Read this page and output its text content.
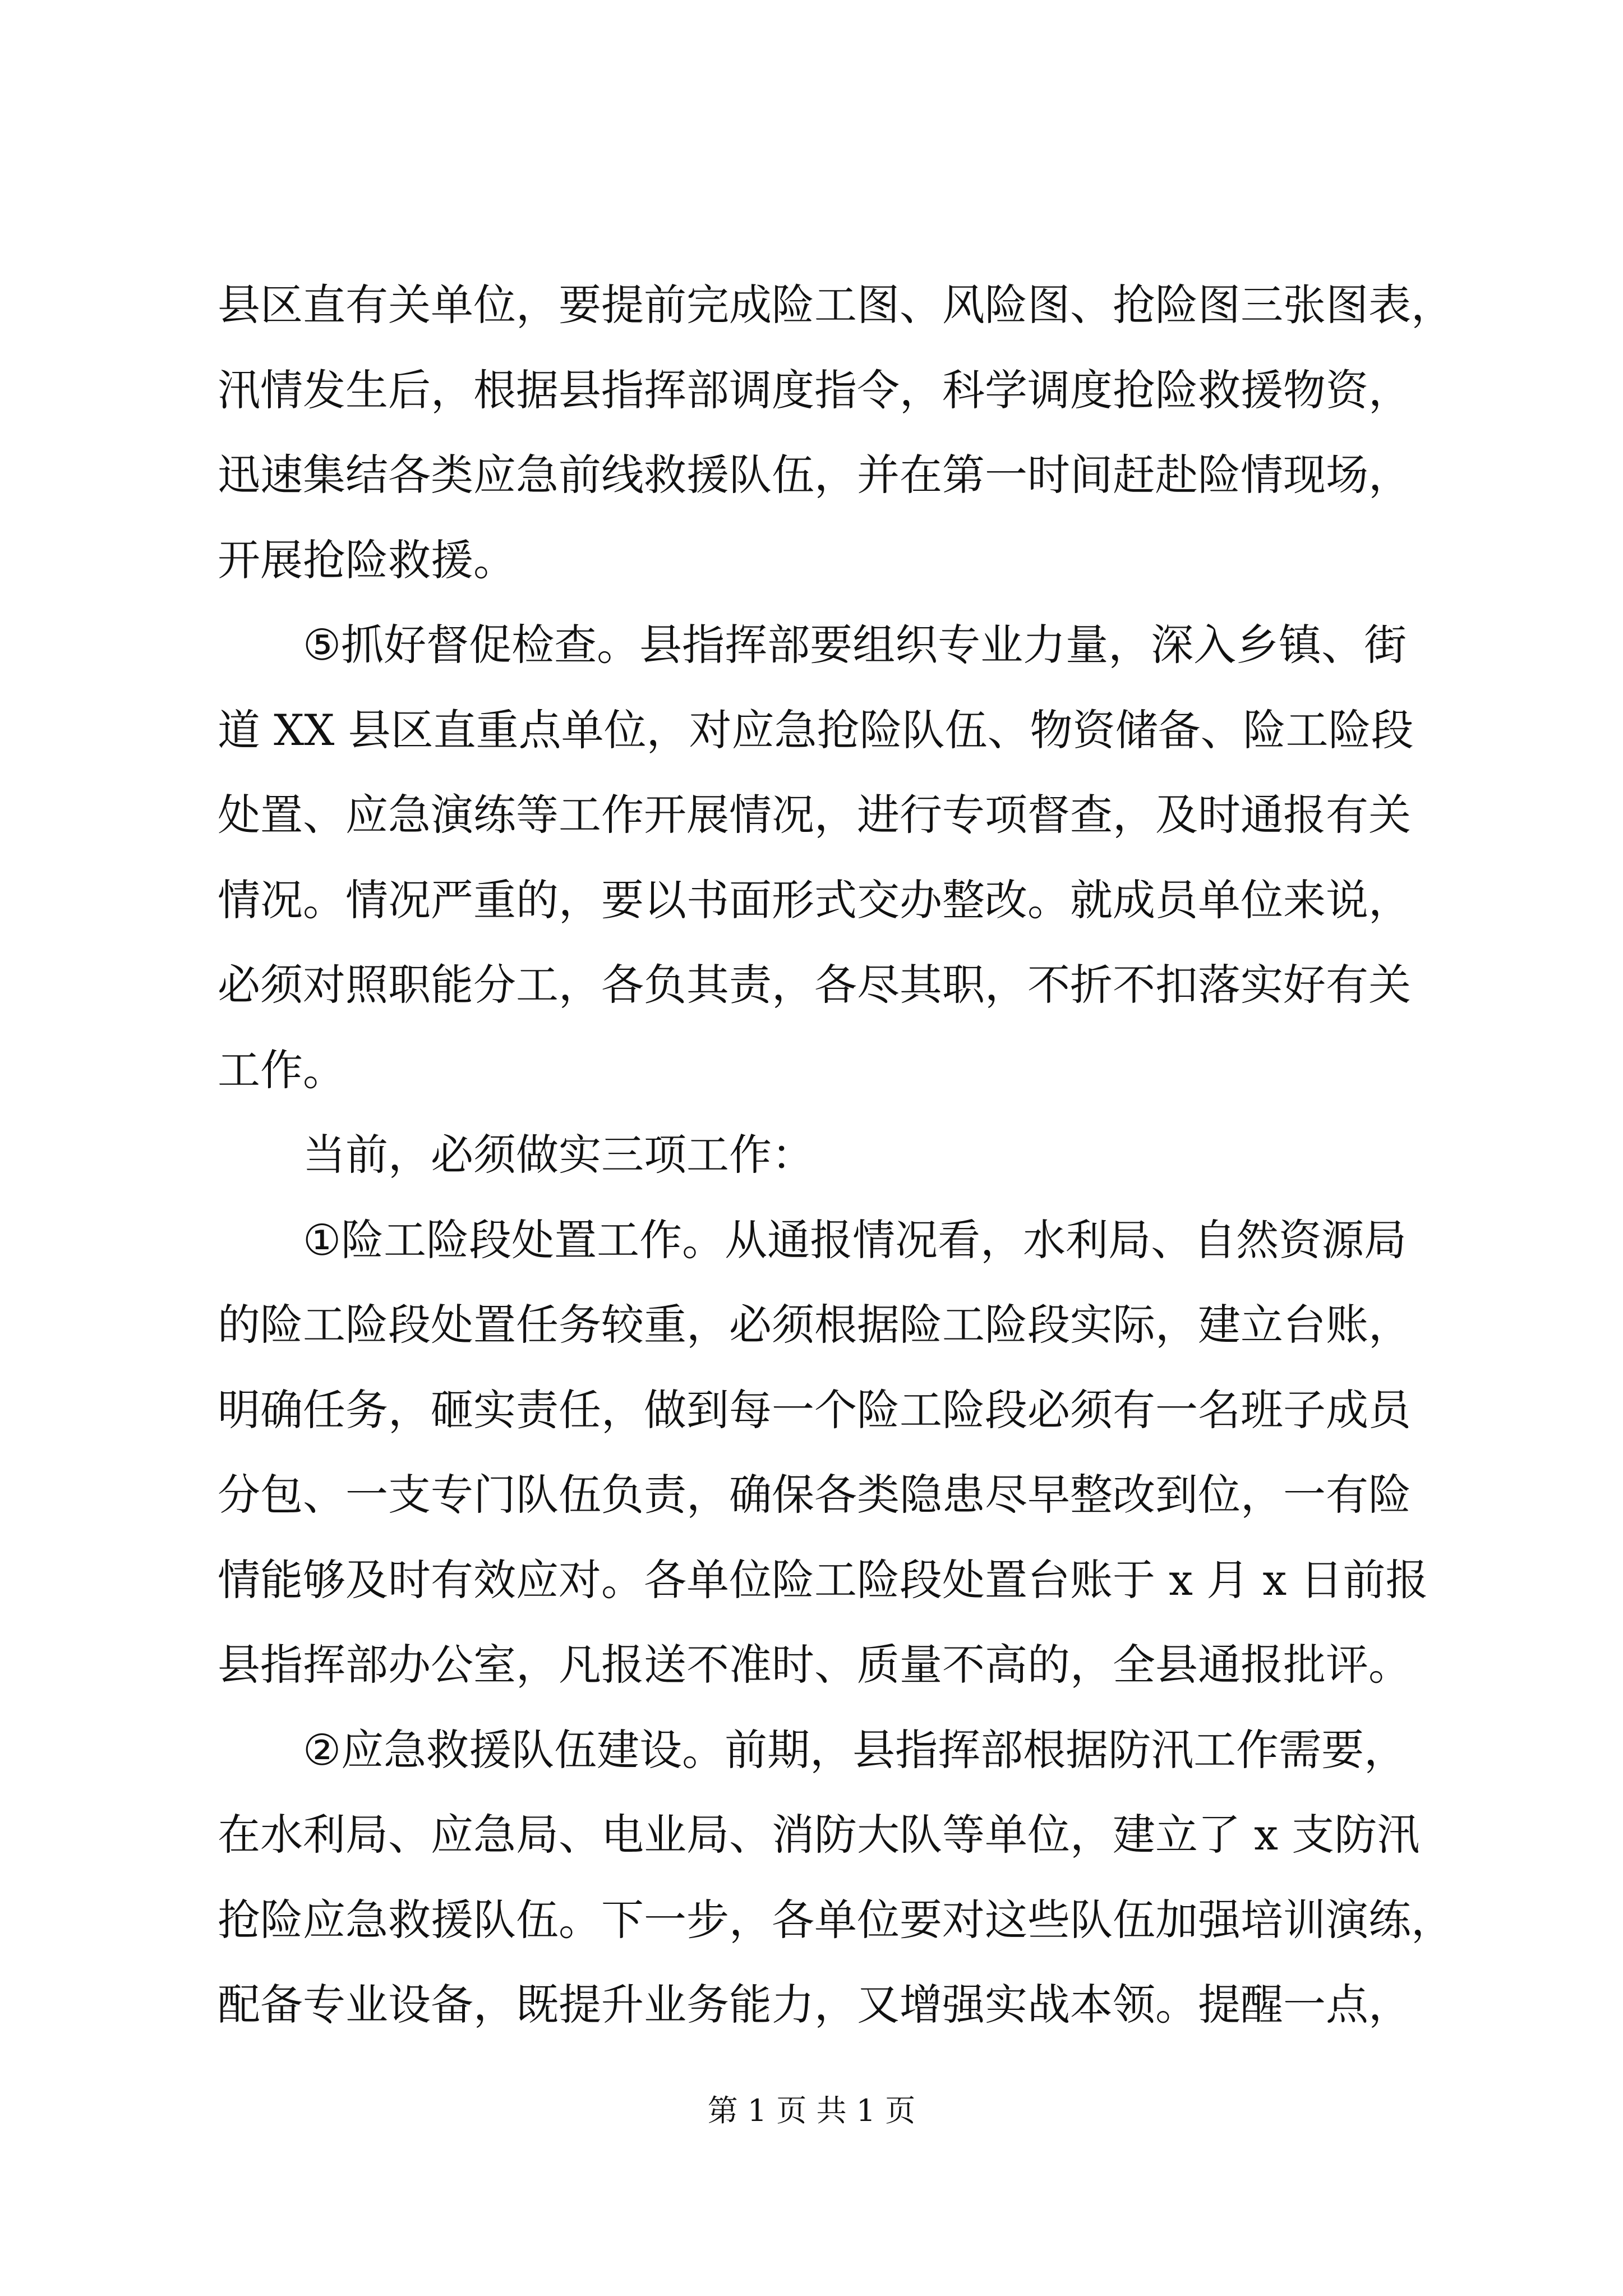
县 区 直 有 关 单 位 ， 要 提 前 完 成 险 工 图 、 风 险 图 、 抢 险 图 三 张 图 表 ，
汛 情 发 生 后 ， 根 据 县 指 挥 部 调 度 指 令 ， 科 学 调 度 抢 险 救 援 物 资 ，
迅 速 集 结 各 类 应 急 前 线 救 援 队 伍 ， 并 在 第 一 时 间 赶 赴 险 情 现 场 ，
开展抢险救援。
⑤ 抓 好 督 促 检 查 。 县 指 挥 部 要 组 织 专 业 力 量 ， 深 入 乡 镇 、 街
道
X X
县 区 直 重 点 单 位 ， 对 应 急 抢 险 队 伍 、 物 资 储 备 、 险 工 险 段
处 置 、 应 急 演 练 等 工 作 开 展 情 况 ， 进 行 专 项 督 查 ， 及 时 通 报 有 关
情 况 。 情 况 严 重 的 ， 要 以 书 面 形 式 交 办 整 改 。 就 成 员 单 位 来 说 ，
必 须 对 照 职 能 分 工 ， 各 负 其 责 ， 各 尽 其 职 ， 不 折 不 扣 落 实 好 有 关
工作。
当前，必须做实三项工作：
① 险 工 险 段 处 置 工 作 。 从 通 报 情 况 看 ， 水 利 局 、 自 然 资 源 局
的 险 工 险 段 处 置 任 务 较 重 ， 必 须 根 据 险 工 险 段 实 际 ， 建 立 台 账 ，
明 确 任 务 ， 砸 实 责 任 ， 做 到 每 一 个 险 工 险 段 必 须 有 一 名 班 子 成 员
分 包 、 一 支 专 门 队 伍 负 责 ， 确 保 各 类 隐 患 尽 早 整 改 到 位 ， 一 有 险
情 能 够 及 时 有 效 应 对 。 各 单 位 险 工 险 段 处 置 台 账 于
x
月
x
日 前 报
县 指 挥 部 办 公 室 ， 凡 报 送 不 准 时 、 质 量 不 高 的 ， 全 县 通 报 批 评 。
② 应 急 救 援 队 伍 建 设 。 前 期 ， 县 指 挥 部 根 据 防 汛 工 作 需 要 ，
在 水 利 局 、 应 急 局 、 电 业 局 、 消 防 大 队 等 单 位 ， 建 立 了
x
支 防 汛
抢 险 应 急 救 援 队 伍 。 下 一 步 ， 各 单 位 要 对 这 些 队 伍 加 强 培 训 演 练 ，
配 备 专 业 设 备 ， 既 提 升 业 务 能 力 ， 又 增 强 实 战 本 领 。 提 醒 一 点 ，
第 1 页 共 1 页
